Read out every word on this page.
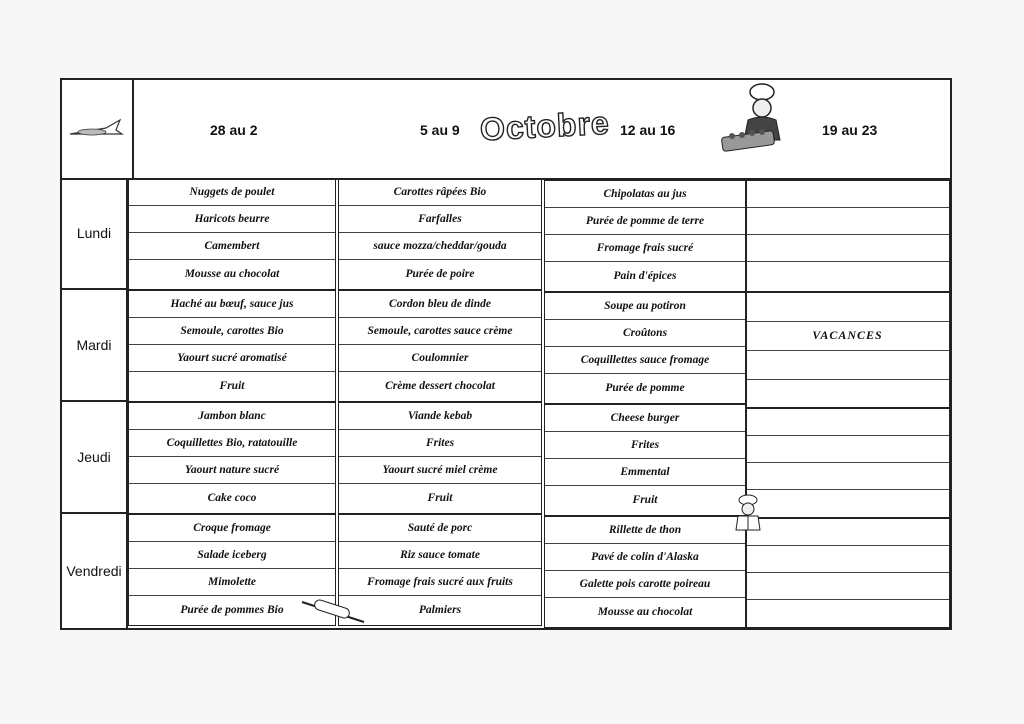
28 au 2	5 au 9 Octobre 12 au 16	19 au 23
Lundi
Mardi
Jeudi
Vendredi
Nuggets de poulet
Haricots beurre
Camembert
Mousse au chocolat
Haché au bœuf, sauce jus
Semoule, carottes Bio
Yaourt sucré aromatisé
Fruit
Jambon blanc
Coquillettes Bio, ratatouille
Yaourt nature sucré
Cake coco
Croque fromage
Salade iceberg
Mimolette
Purée de pommes Bio
Carottes râpées Bio
Farfalles
sauce mozza/cheddar/gouda
Purée de poire
Cordon bleu de dinde
Semoule, carottes sauce crème
Coulomnier
Crème dessert chocolat
Viande kebab
Frites
Yaourt sucré miel crème
Fruit
Sauté de porc
Riz sauce tomate
Fromage frais sucré aux fruits
Palmiers
Chipolatas au jus
Purée de pomme de terre
Fromage frais sucré
Pain d'épices
Soupe au potiron
Croûtons
Coquillettes sauce fromage
Purée de pomme
Cheese burger
Frites
Emmental
Fruit
Rillette de thon
Pavé de colin d'Alaska
Galette pois carotte poireau
Mousse au chocolat
VACANCES
